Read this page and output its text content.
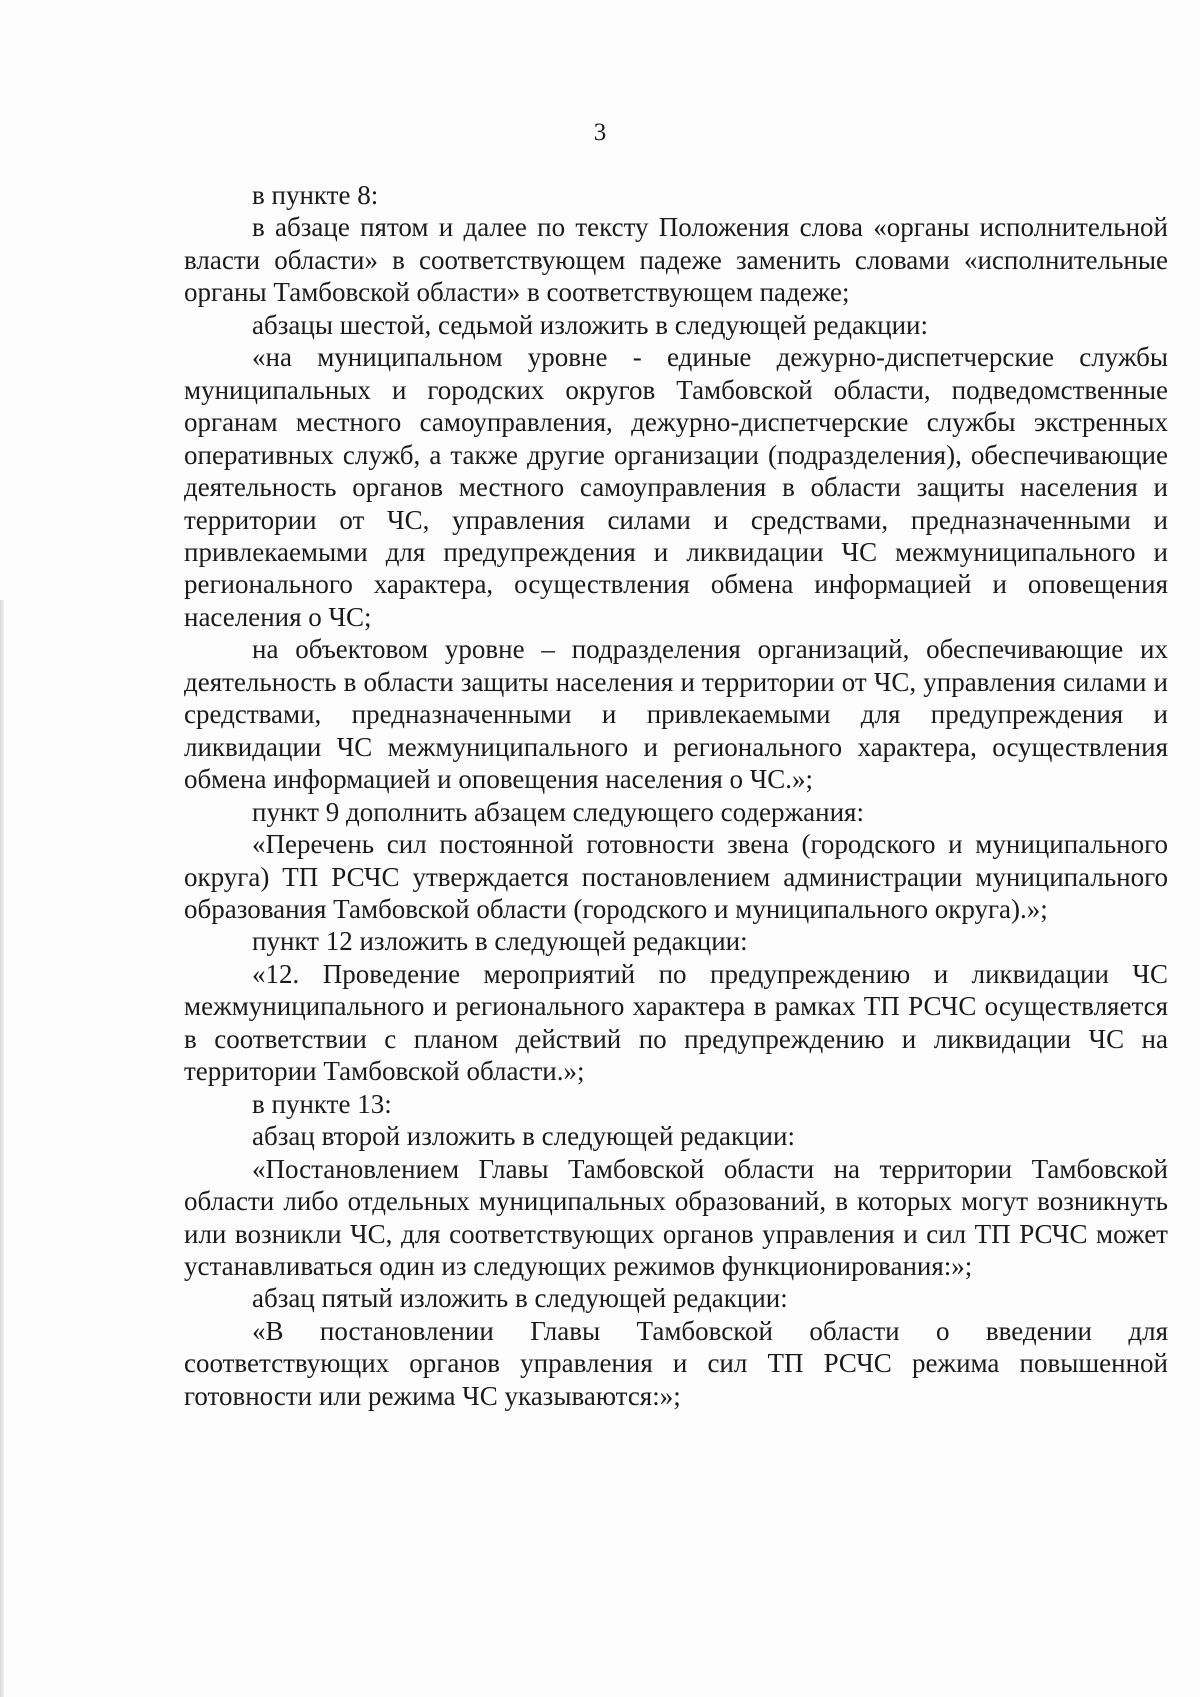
3

в пункте 8:

в абзаце пятом и далее по тексту Положения слова «органы исполнительной власти области» в соответствующем падеже заменить словами «исполнительные органы Тамбовской области» в соответствующем падеже;

абзацы шестой, седьмой изложить в следующей редакции:

«на муниципальном уровне - единые дежурно-диспетчерские службы муниципальных и городских округов Тамбовской области, подведомственные органам местного самоуправления, дежурно-диспетчерские службы экстренных оперативных служб, а также другие организации (подразделения), обеспечивающие деятельность органов местного самоуправления в области защиты населения и территории от ЧС, управления силами и средствами, предназначенными и привлекаемыми для предупреждения и ликвидации ЧС межмуниципального и регионального характера, осуществления обмена информацией и оповещения населения о ЧС;

на объектовом уровне – подразделения организаций, обеспечивающие их деятельность в области защиты населения и территории от ЧС, управления силами и средствами, предназначенными и привлекаемыми для предупреждения и ликвидации ЧС межмуниципального и регионального характера, осуществления обмена информацией и оповещения населения о ЧС.»;

пункт 9 дополнить абзацем следующего содержания:

«Перечень сил постоянной готовности звена (городского и муниципального округа) ТП РСЧС утверждается постановлением администрации муниципального образования Тамбовской области (городского и муниципального округа).»;

пункт 12 изложить в следующей редакции:

«12. Проведение мероприятий по предупреждению и ликвидации ЧС межмуниципального и регионального характера в рамках ТП РСЧС осуществляется в соответствии с планом действий по предупреждению и ликвидации ЧС на территории Тамбовской области.»;

в пункте 13:

абзац второй изложить в следующей редакции:

«Постановлением Главы Тамбовской области на территории Тамбовской области либо отдельных муниципальных образований, в которых могут возникнуть или возникли ЧС, для соответствующих органов управления и сил ТП РСЧС может устанавливаться один из следующих режимов функционирования:»;

абзац пятый изложить в следующей редакции:

«В постановлении Главы Тамбовской области о введении для соответствующих органов управления и сил ТП РСЧС режима повышенной готовности или режима ЧС указываются:»;
